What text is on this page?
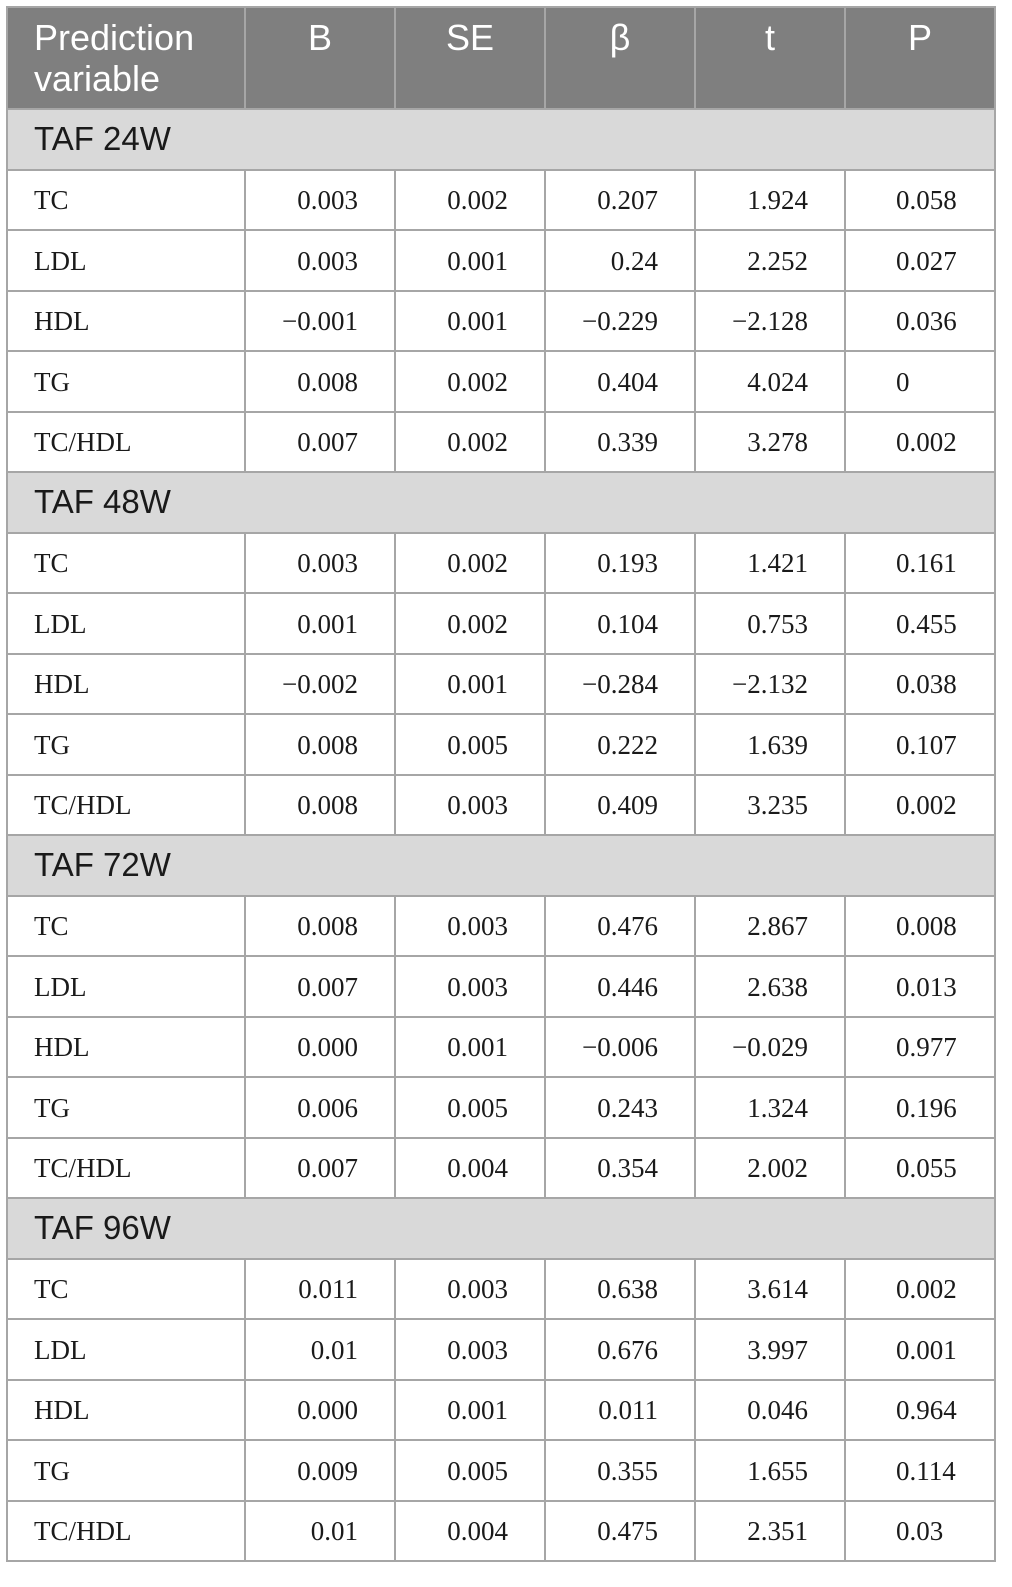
Prediction variable	B	SE	β	t	P
TAF 24W					
TC	0.003	0.002	0.207	1.924	0.058
LDL	0.003	0.001	0.24	2.252	0.027
HDL	−0.001	0.001	−0.229	−2.128	0.036
TG	0.008	0.002	0.404	4.024	0
TC/HDL	0.007	0.002	0.339	3.278	0.002
TAF 48W					
TC	0.003	0.002	0.193	1.421	0.161
LDL	0.001	0.002	0.104	0.753	0.455
HDL	−0.002	0.001	−0.284	−2.132	0.038
TG	0.008	0.005	0.222	1.639	0.107
TC/HDL	0.008	0.003	0.409	3.235	0.002
TAF 72W					
TC	0.008	0.003	0.476	2.867	0.008
LDL	0.007	0.003	0.446	2.638	0.013
HDL	0.000	0.001	−0.006	−0.029	0.977
TG	0.006	0.005	0.243	1.324	0.196
TC/HDL	0.007	0.004	0.354	2.002	0.055
TAF 96W					
TC	0.011	0.003	0.638	3.614	0.002
LDL	0.01	0.003	0.676	3.997	0.001
HDL	0.000	0.001	0.011	0.046	0.964
TG	0.009	0.005	0.355	1.655	0.114
TC/HDL	0.01	0.004	0.475	2.351	0.03
